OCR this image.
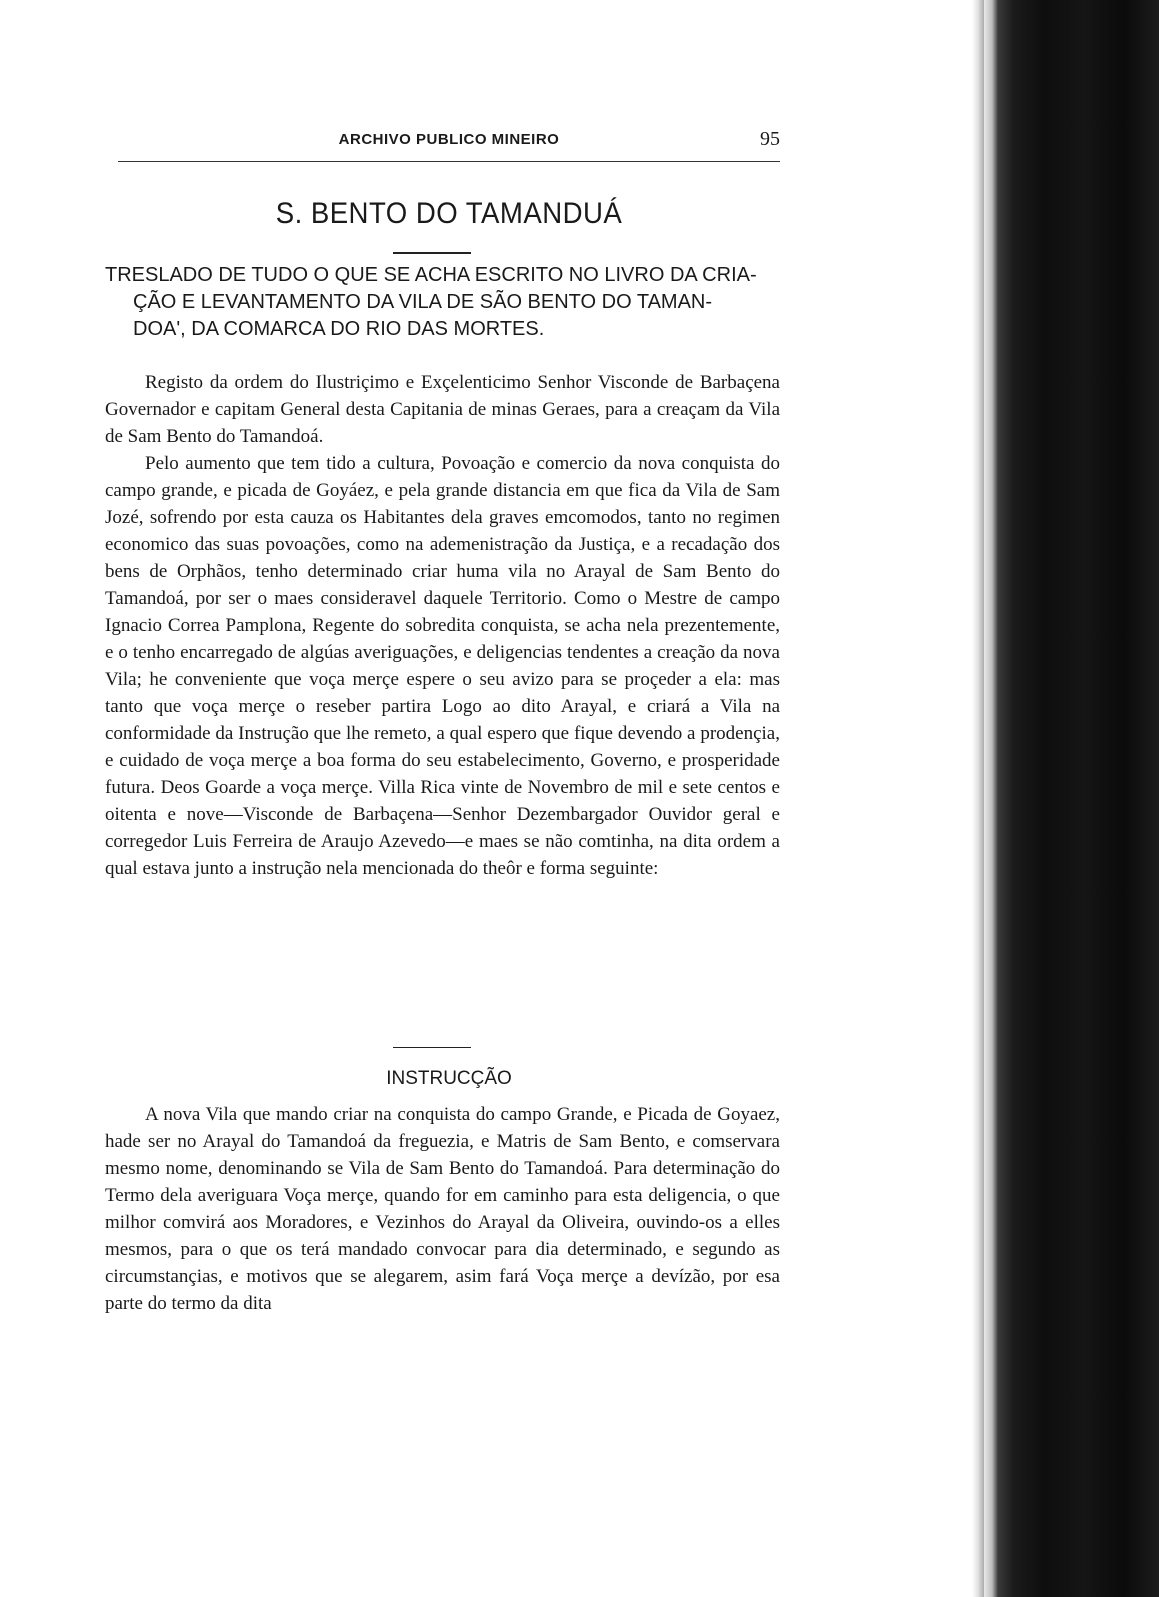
ARCHIVO PUBLICO MINEIRO	95
S. BENTO DO TAMANDUÁ
TRESLADO DE TUDO O QUE SE ACHA ESCRITO NO LIVRO DA CRIA-
ÇÃO E LEVANTAMENTO DA VILA DE SÃO BENTO DO TAMAN-
DOA', DA COMARCA DO RIO DAS MORTES.

Registo da ordem do Ilustriçimo e Exçelenticimo Senhor Visconde de Barbaçena Governador e capitam General desta Capitania de minas Geraes, para a creaçam da Vila de Sam Bento do Tamandoá.

Pelo aumento que tem tido a cultura, Povoação e comercio da nova conquista do campo grande, e picada de Goyáez, e pela grande distancia em que fica da Vila de Sam Jozé, sofrendo por esta cauza os Habitantes dela graves emcomodos, tanto no regimen economico das suas povoações, como na ademenistração da Justiça, e a recadação dos bens de Orphãos, tenho determinado criar huma vila no Arayal de Sam Bento do Tamandoá, por ser o maes consideravel daquele Territorio. Como o Mestre de campo Ignacio Correa Pamplona, Regente do sobredita conquista, se acha nela prezentemente, e o tenho encarregado de algúas averiguações, e deligencias tendentes a creação da nova Vila; he conveniente que voça merçe espere o seu avizo para se proçeder a ela: mas tanto que voça merçe o reseber partira Logo ao dito Arayal, e criará a Vila na conformidade da Instrução que lhe remeto, a qual espero que fique devendo a prodençia, e cuidado de voça merçe a boa forma do seu estabelecimento, Governo, e prosperidade futura. Deos Goarde a voça merçe. Villa Rica vinte de Novembro de mil e sete centos e oitenta e nove—Visconde de Barbaçena—Senhor Dezembargador Ouvidor geral e corregedor Luis Ferreira de Araujo Azevedo—e maes se não comtinha, na dita ordem a qual estava junto a instrução nela mencionada do theôr e forma seguinte:

INSTRUCÇÃO

A nova Vila que mando criar na conquista do campo Grande, e Picada de Goyaez, hade ser no Arayal do Tamandoá da freguezia, e Matris de Sam Bento, e comservara mesmo nome, denominando se Vila de Sam Bento do Tamandoá. Para determinação do Termo dela averiguara Voça merçe, quando for em caminho para esta deligencia, o que milhor comvirá aos Moradores, e Vezinhos do Arayal da Oliveira, ouvindo-os a elles mesmos, para o que os terá mandado convocar para dia determinado, e segundo as circumstançias, e motivos que se alegarem, asim fará Voça merçe a devízão, por esa parte do termo da dita
